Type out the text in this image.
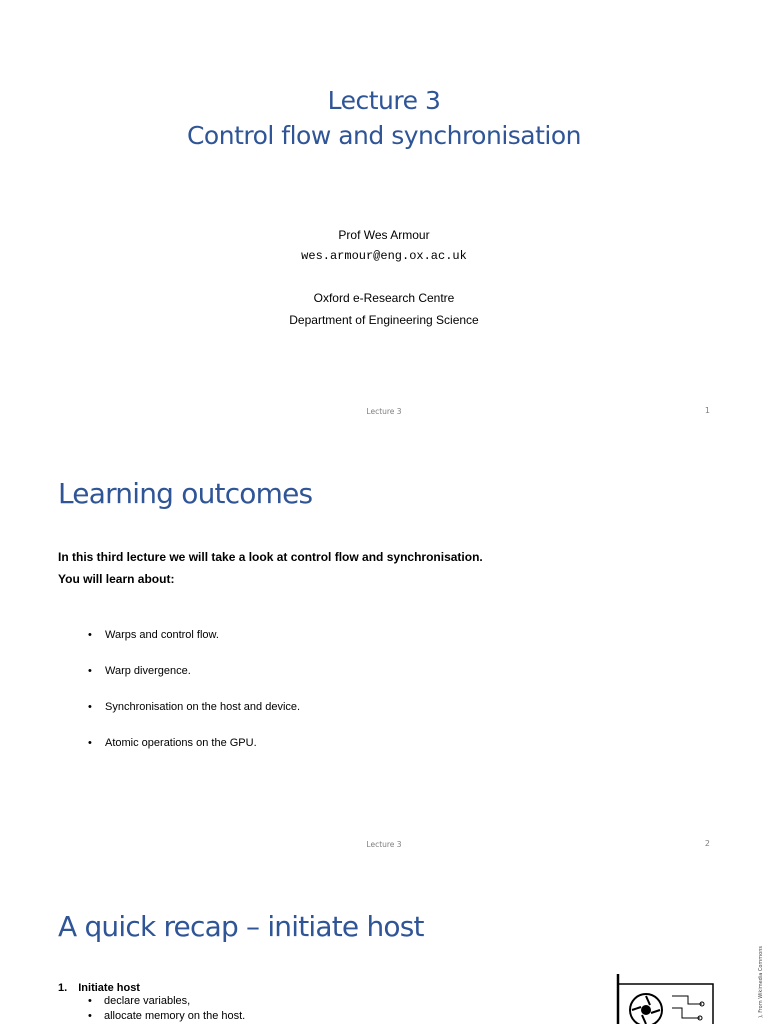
Lecture 3
Control flow and synchronisation
Prof Wes Armour
wes.armour@eng.ox.ac.uk
Oxford e-Research Centre
Department of Engineering Science
Lecture 3	1
Learning outcomes
In this third lecture we will take a look at control flow and synchronisation.
You will learn about:
• Warps and control flow.
• Warp divergence.
• Synchronisation on the host and device.
• Atomic operations on the GPU.
Lecture 3	2
A quick recap – initiate host
1. Initiate host
• declare variables,
• allocate memory on the host.	), From Wikimedia Commons
